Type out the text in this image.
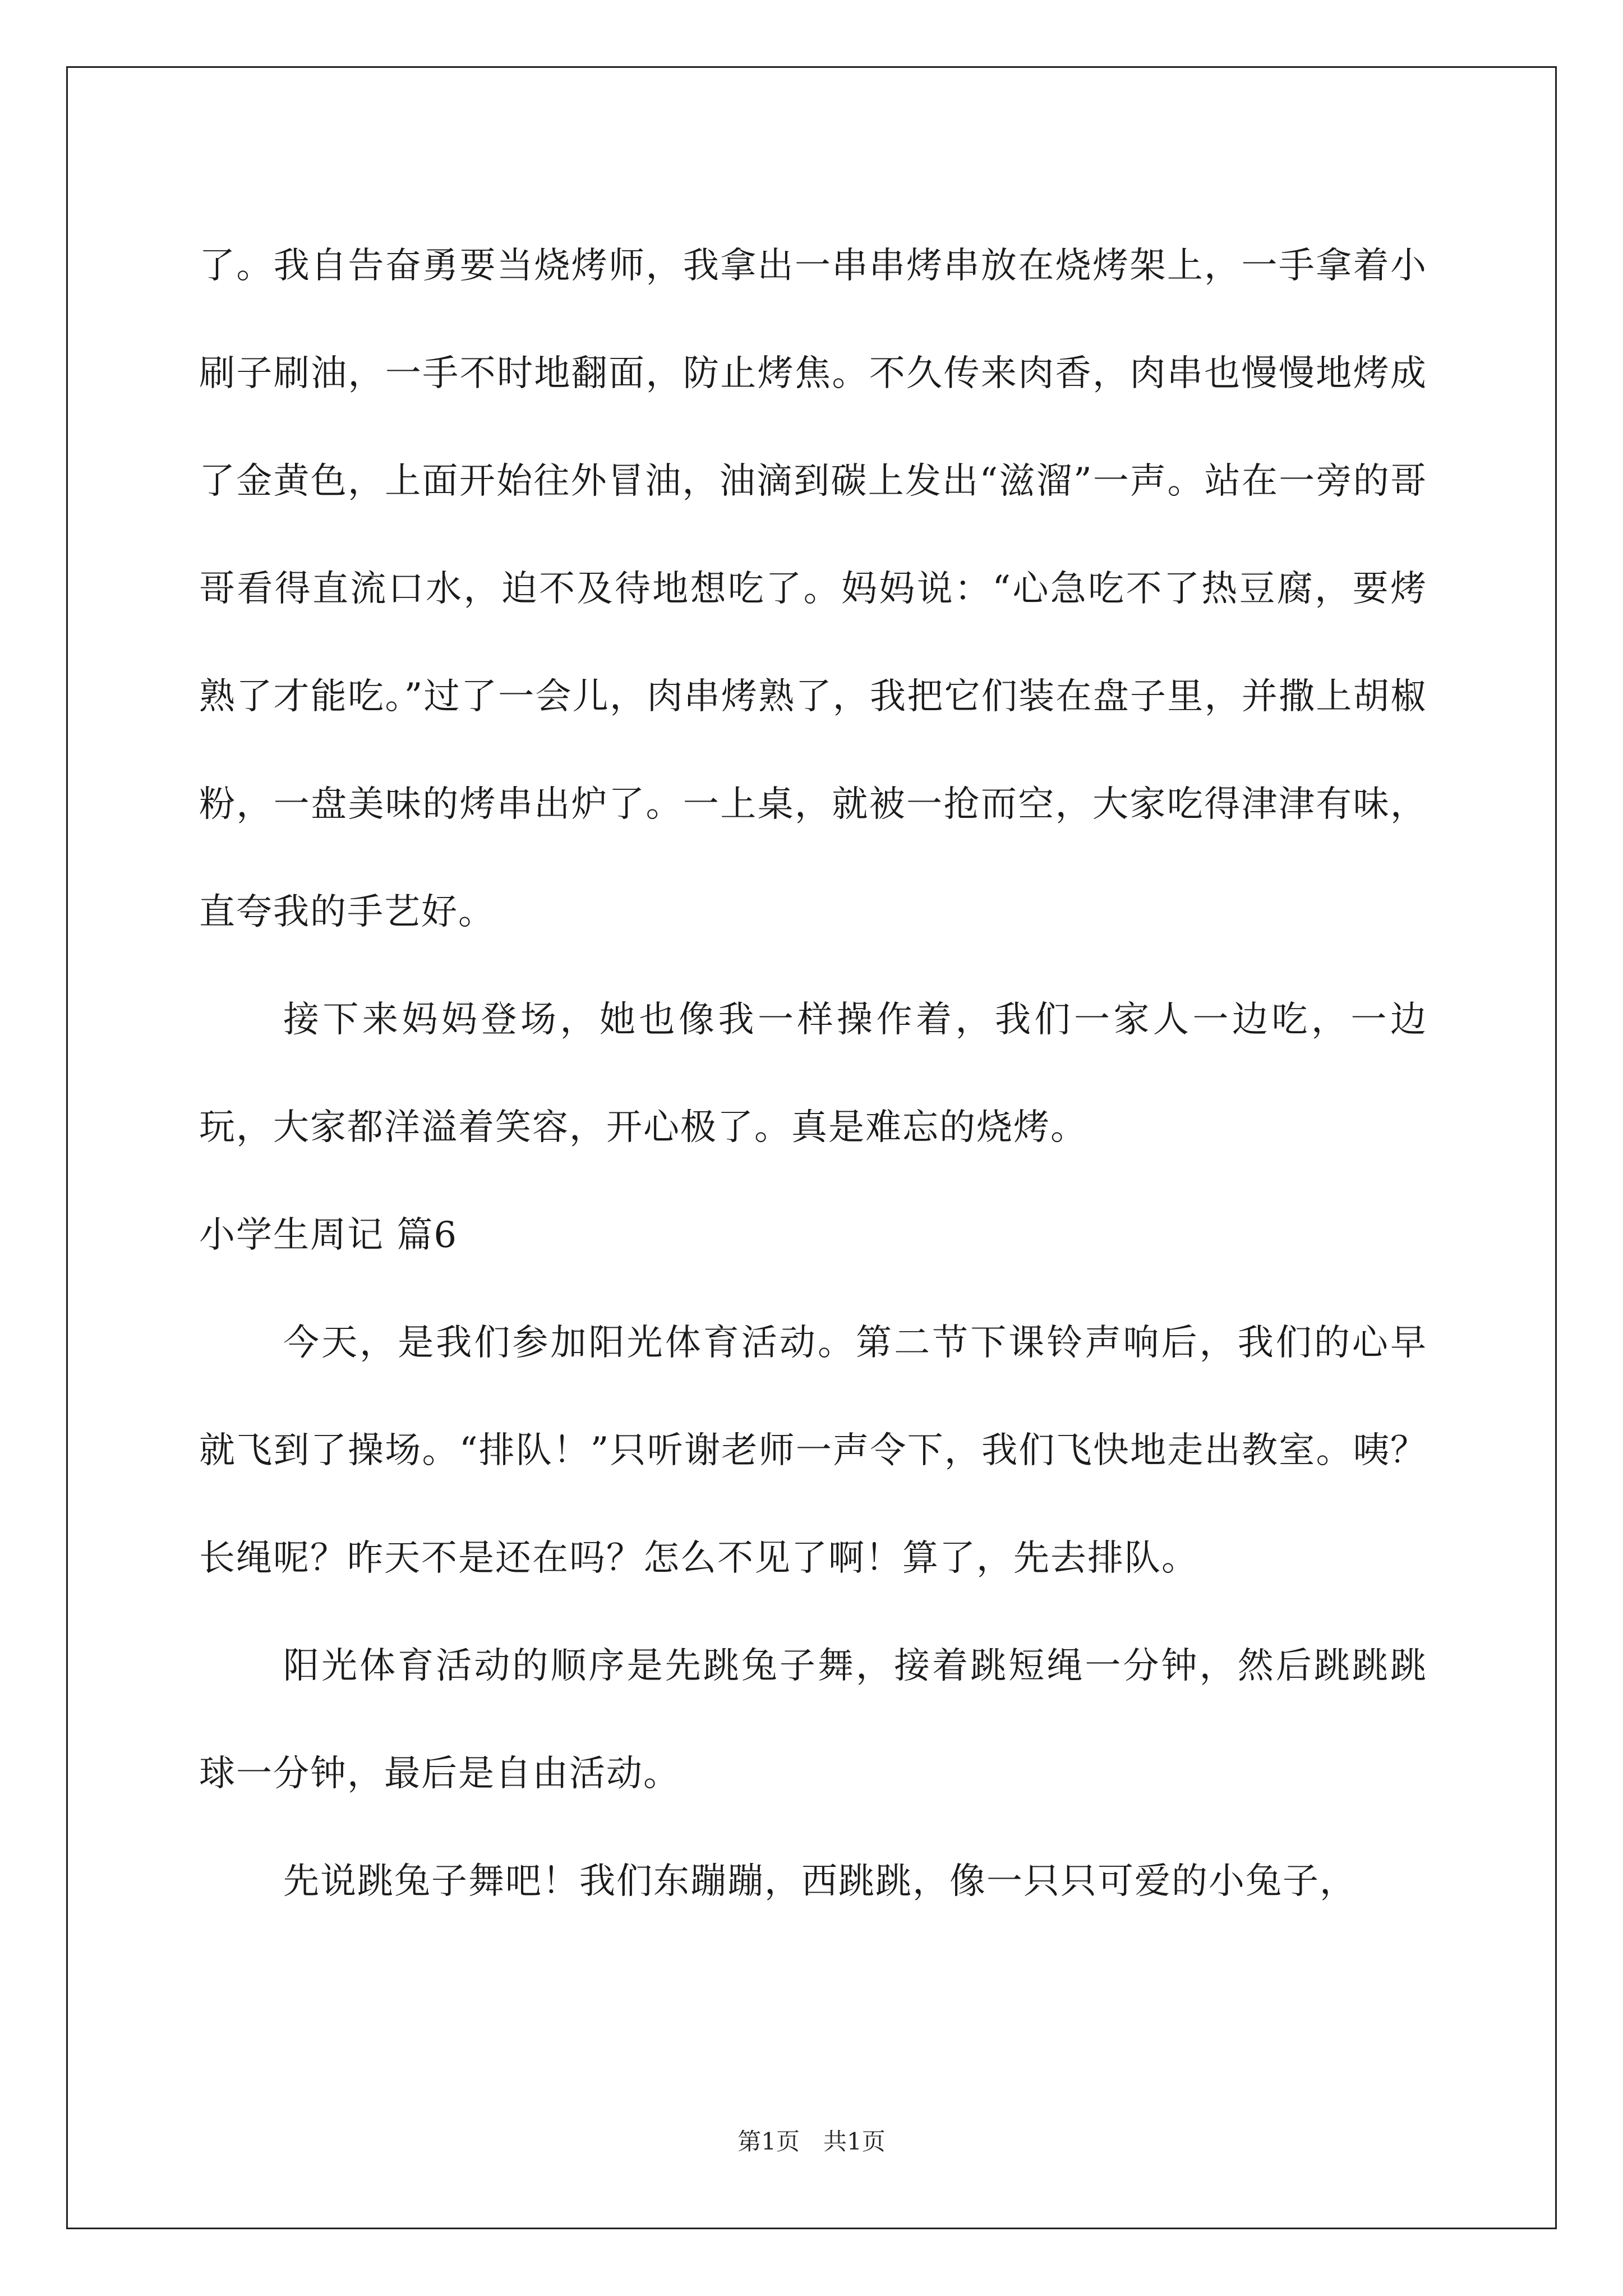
了。我自告奋勇要当烧烤师，我拿出一串串烤串放在烧烤架上，一手拿着小刷子刷油，一手不时地翻面，防止烤焦。不久传来肉香，肉串也慢慢地烤成了金黄色，上面开始往外冒油，油滴到碳上发出“滋溜”一声。站在一旁的哥哥看得直流口水，迫不及待地想吃了。妈妈说：“心急吃不了热豆腐，要烤熟了才能吃。”过了一会儿，肉串烤熟了，我把它们装在盘子里，并撒上胡椒粉，一盘美味的烤串出炉了。一上桌，就被一抢而空，大家吃得津津有味，直夸我的手艺好。

接下来妈妈登场，她也像我一样操作着，我们一家人一边吃，一边玩，大家都洋溢着笑容，开心极了。真是难忘的烧烤。

小学生周记 篇6

今天，是我们参加阳光体育活动。第二节下课铃声响后，我们的心早就飞到了操场。“排队！”只听谢老师一声令下，我们飞快地走出教室。咦？长绳呢？昨天不是还在吗？怎么不见了啊！算了，先去排队。

阳光体育活动的顺序是先跳兔子舞，接着跳短绳一分钟，然后跳跳跳球一分钟，最后是自由活动。

先说跳兔子舞吧！我们东蹦蹦，西跳跳，像一只只可爱的小兔子，

第1页 共1页
